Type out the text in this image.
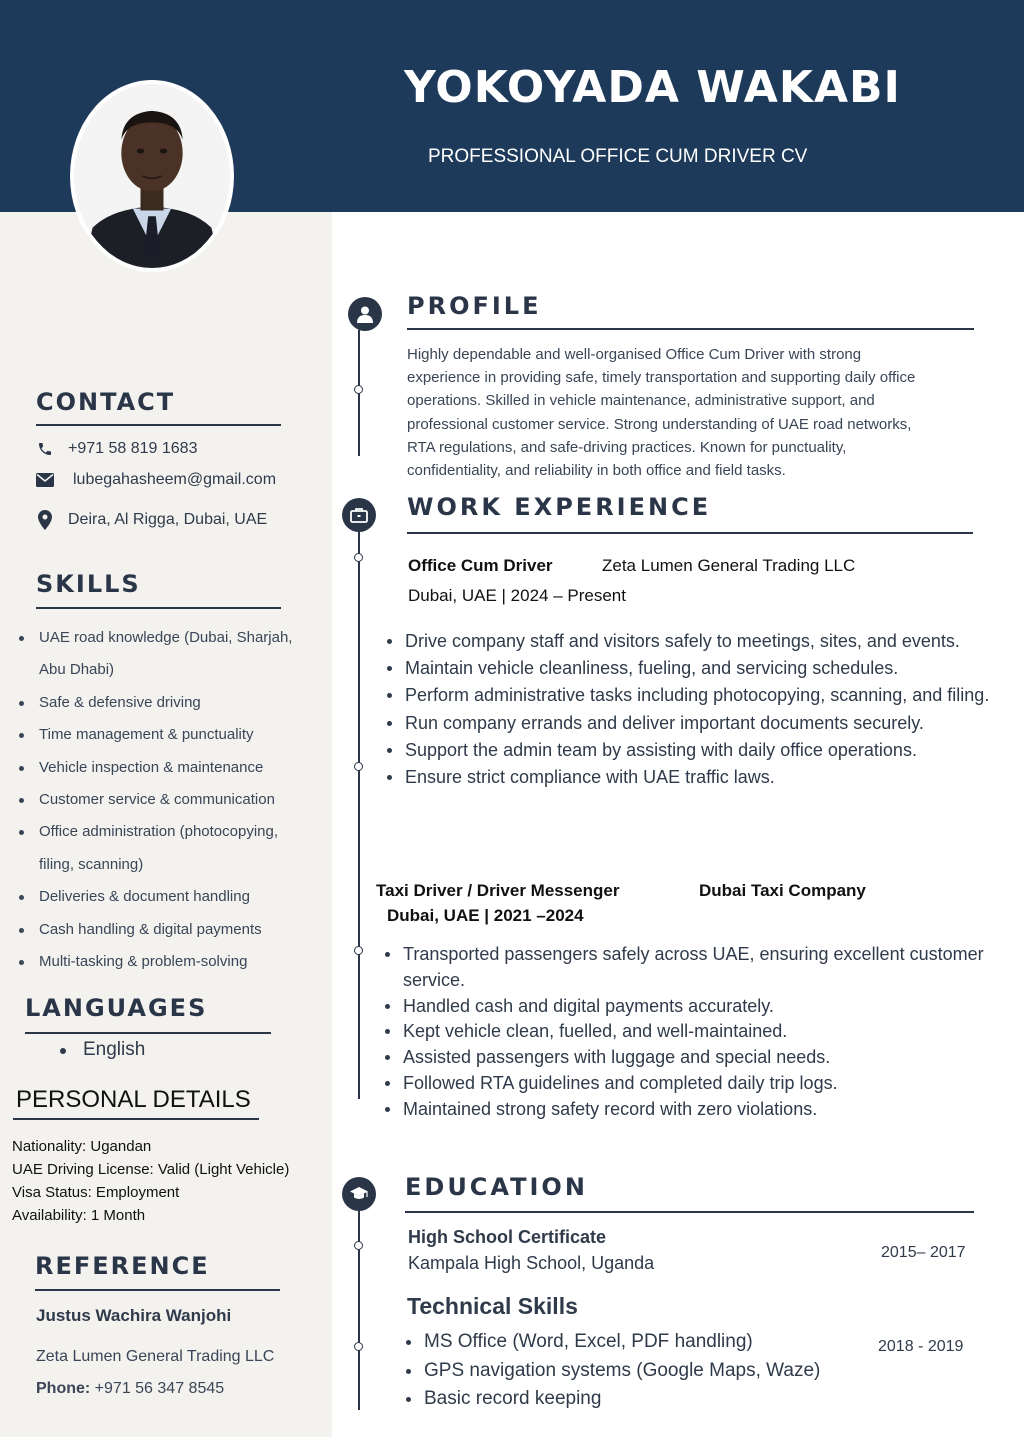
YOKOYADA WAKABI
PROFESSIONAL OFFICE CUM DRIVER CV
CONTACT
+971 58 819 1683
lubegahasheem@gmail.com
Deira, Al Rigga, Dubai, UAE
SKILLS
UAE road knowledge (Dubai, Sharjah,
Abu Dhabi)
Safe & defensive driving
Time management & punctuality
Vehicle inspection & maintenance
Customer service & communication
Office administration (photocopying,
filing, scanning)
Deliveries & document handling
Cash handling & digital payments
Multi-tasking & problem-solving
LANGUAGES
English
PERSONAL DETAILS
Nationality: Ugandan
UAE Driving License: Valid (Light Vehicle)
Visa Status: Employment
Availability: 1 Month
REFERENCE
Justus Wachira Wanjohi
Zeta Lumen General Trading LLC
Phone: +971 56 347 8545
PROFILE
Highly dependable and well-organised Office Cum Driver with strong
experience in providing safe, timely transportation and supporting daily office
operations. Skilled in vehicle maintenance, administrative support, and
professional customer service. Strong understanding of UAE road networks,
RTA regulations, and safe-driving practices. Known for punctuality,
confidentiality, and reliability in both office and field tasks.
WORK EXPERIENCE
Office Cum Driver	Zeta Lumen General Trading LLC
Dubai, UAE | 2024 – Present
Drive company staff and visitors safely to meetings, sites, and events.
Maintain vehicle cleanliness, fueling, and servicing schedules.
Perform administrative tasks including photocopying, scanning, and filing.
Run company errands and deliver important documents securely.
Support the admin team by assisting with daily office operations.
Ensure strict compliance with UAE traffic laws.
Taxi Driver / Driver Messenger	Dubai Taxi Company
Dubai, UAE | 2021 –2024
Transported passengers safely across UAE, ensuring excellent customer service.
Handled cash and digital payments accurately.
Kept vehicle clean, fuelled, and well-maintained.
Assisted passengers with luggage and special needs.
Followed RTA guidelines and completed daily trip logs.
Maintained strong safety record with zero violations.
EDUCATION
High School Certificate
Kampala High School, Uganda
2015– 2017
Technical Skills
2018 - 2019
MS Office (Word, Excel, PDF handling)
GPS navigation systems (Google Maps, Waze)
Basic record keeping
